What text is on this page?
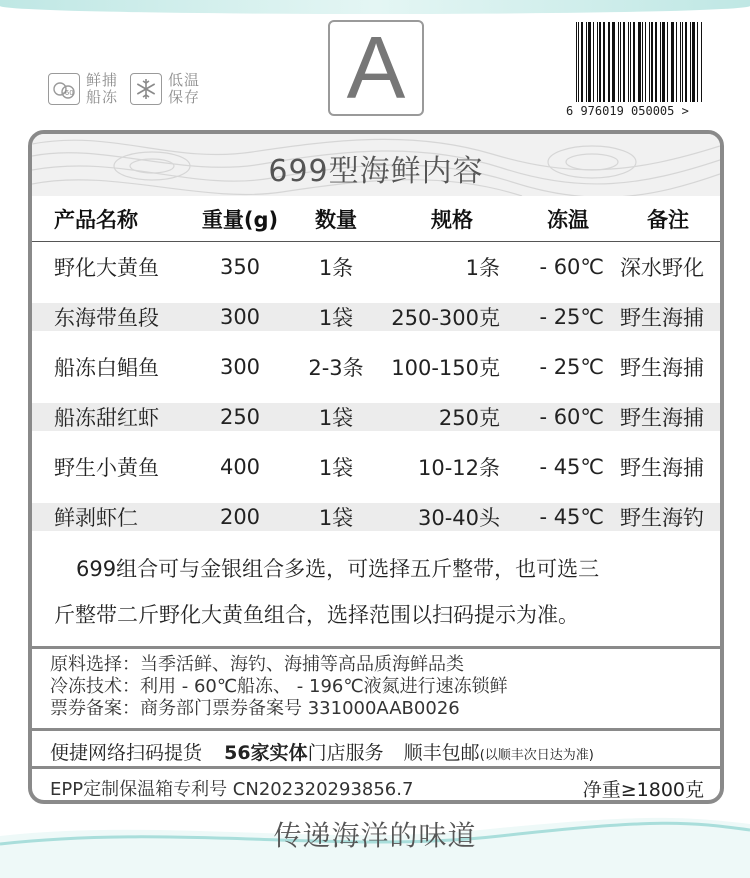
-60
鲜捕
船冻
低温
保存 A	6 976019 050005 >
699型海鲜内容
产品名称	重量(g)	数量	规格	冻温	备注
野化大黄鱼	350	1条	1条	- 60℃ 深水野化
东海带鱼段	300	1袋	250-300克	- 25℃ 野生海捕
船冻白鲳鱼	300	2-3条	100-150克	- 25℃ 野生海捕
船冻甜红虾	250	1袋	250克	- 60℃ 野生海捕
野生小黄鱼	400	1袋	10-12条	- 45℃ 野生海捕
鲜剥虾仁	200	1袋	30-40头	- 45℃ 野生海钓

699组合可与金银组合多选，可选择五斤整带，也可选三

斤整带二斤野化大黄鱼组合，选择范围以扫码提示为准。

原料选择：当季活鲜、海钓、海捕等高品质海鲜品类

冷冻技术：利用 - 60℃船冻、 - 196℃液氮进行速冻锁鲜

票券备案：商务部门票券备案号 331000AAB0026

便捷网络扫码提货 56家实体门店服务 顺丰包邮(以顺丰次日达为准)
EPP定制保温箱专利号 CN202320293856.7	净重≥1800克
传递海洋的味道
